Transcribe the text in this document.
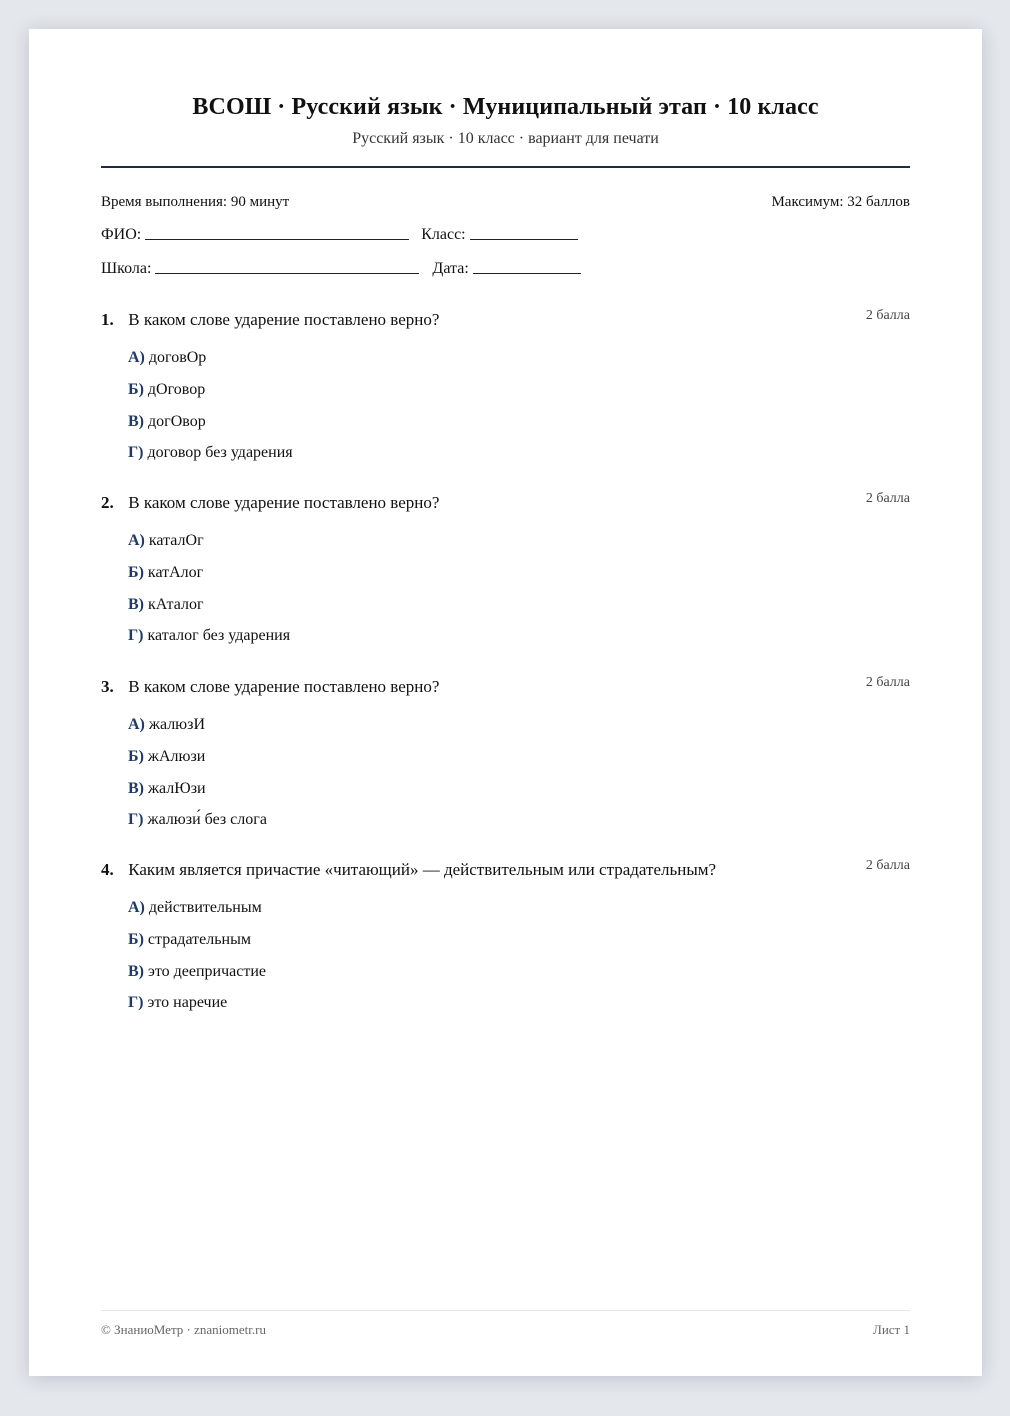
ВСОШ · Русский язык · Муниципальный этап · 10 класс
Русский язык · 10 класс · вариант для печати
Время выполнения: 90 минут	Максимум: 32 баллов
ФИО:	Класс:
Школа:	Дата:
1. В каком слове ударение поставлено верно?	2 балла
А) договОр
Б) дОговор
В) догОвор
Г) договор без ударения
2. В каком слове ударение поставлено верно?	2 балла
А) каталОг
Б) катАлог
В) кАталог
Г) каталог без ударения
3. В каком слове ударение поставлено верно?	2 балла
А) жалюзИ
Б) жАлюзи
В) жалЮзи
Г) жалюзи́ без слога
4. Каким является причастие «читающий» — действительным или страдательным?	2 балла
А) действительным
Б) страдательным
В) это деепричастие
Г) это наречие
© ЗнаниоМетр · znaniometr.ru	Лист 1
